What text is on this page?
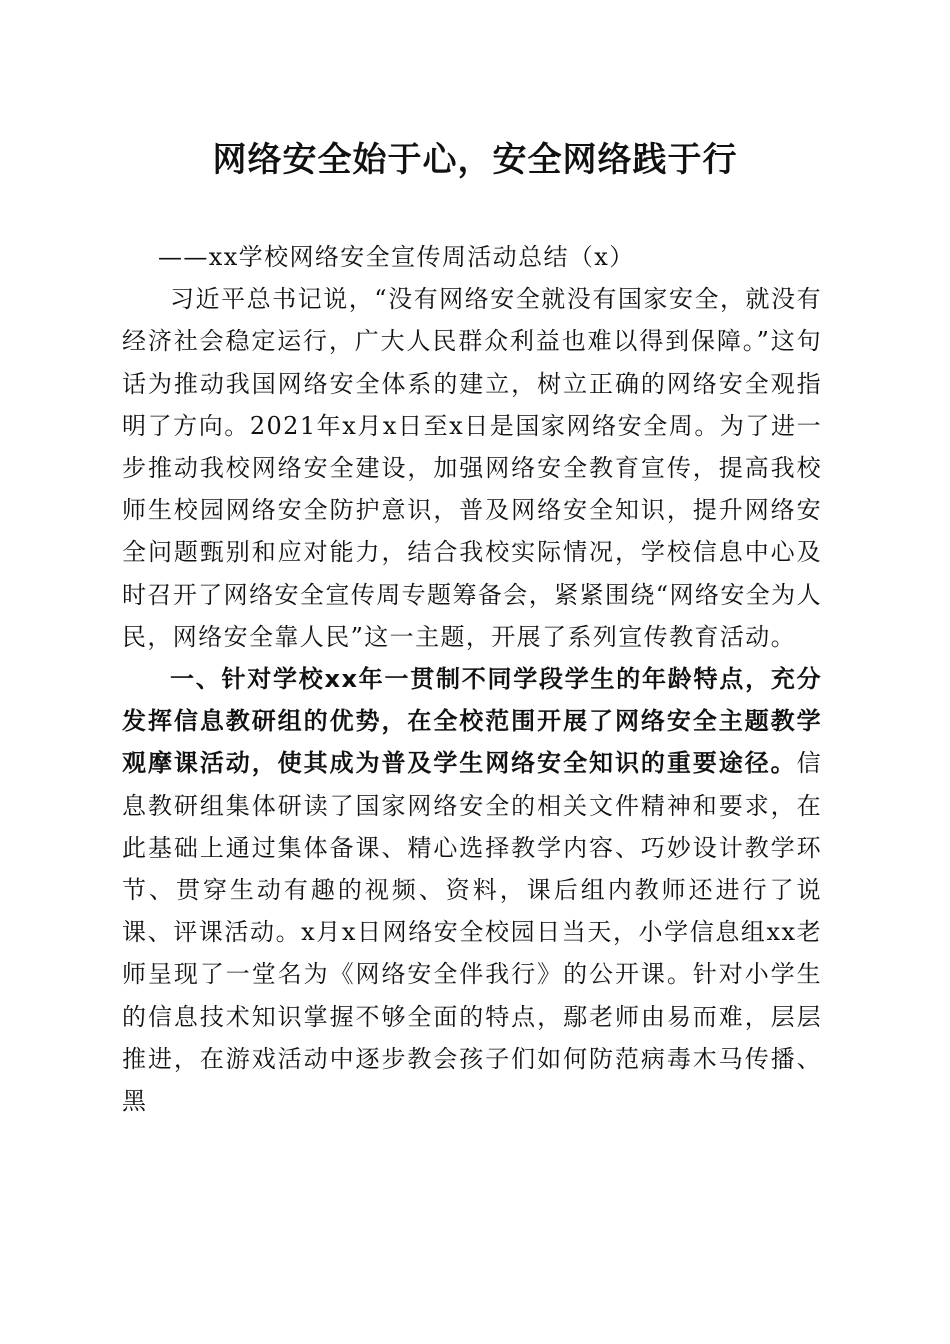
网络安全始于心，安全网络践于行

——xx学校网络安全宣传周活动总结（x）

习近平总书记说，“没有网络安全就没有国家安全，就没有经济社会稳定运行，广大人民群众利益也难以得到保障。”这句话为推动我国网络安全体系的建立，树立正确的网络安全观指明了方向。2021年x月x日至x日是国家网络安全周。为了进一步推动我校网络安全建设，加强网络安全教育宣传，提高我校师生校园网络安全防护意识，普及网络安全知识，提升网络安全问题甄别和应对能力，结合我校实际情况，学校信息中心及时召开了网络安全宣传周专题筹备会，紧紧围绕“网络安全为人民，网络安全靠人民”这一主题，开展了系列宣传教育活动。

一、针对学校xx年一贯制不同学段学生的年龄特点，充分发挥信息教研组的优势，在全校范围开展了网络安全主题教学观摩课活动，使其成为普及学生网络安全知识的重要途径。信息教研组集体研读了国家网络安全的相关文件精神和要求，在此基础上通过集体备课、精心选择教学内容、巧妙设计教学环节、贯穿生动有趣的视频、资料，课后组内教师还进行了说课、评课活动。x月x日网络安全校园日当天，小学信息组xx老师呈现了一堂名为《网络安全伴我行》的公开课。针对小学生的信息技术知识掌握不够全面的特点，鄢老师由易而难，层层推进，在游戏活动中逐步教会孩子们如何防范病毒木马传播、黑
